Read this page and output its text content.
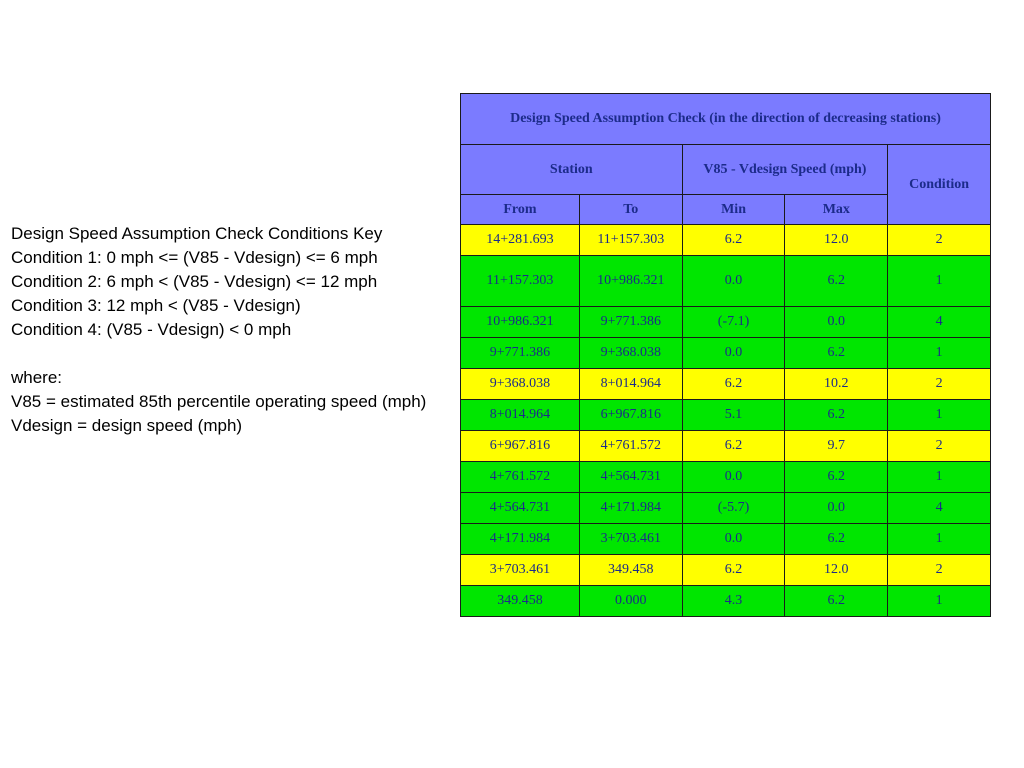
Design Speed Assumption Check Conditions Key
Condition 1: 0 mph <= (V85 - Vdesign) <= 6 mph
Condition 2: 6 mph < (V85 - Vdesign) <= 12 mph
Condition 3: 12 mph < (V85 - Vdesign)
Condition 4: (V85 - Vdesign) < 0 mph
where:
V85 = estimated 85th percentile operating speed (mph)
Vdesign = design speed (mph)
Design Speed Assumption Check (in the direction of decreasing stations)				
Station		V85 - Vdesign Speed (mph)		Condition
From	To	Min	Max	
14+281.693	11+157.303	6.2	12.0	2
11+157.303	10+986.321	0.0	6.2	1
10+986.321	9+771.386	(-7.1)	0.0	4
9+771.386	9+368.038	0.0	6.2	1
9+368.038	8+014.964	6.2	10.2	2
8+014.964	6+967.816	5.1	6.2	1
6+967.816	4+761.572	6.2	9.7	2
4+761.572	4+564.731	0.0	6.2	1
4+564.731	4+171.984	(-5.7)	0.0	4
4+171.984	3+703.461	0.0	6.2	1
3+703.461	349.458	6.2	12.0	2
349.458	0.000	4.3	6.2	1
